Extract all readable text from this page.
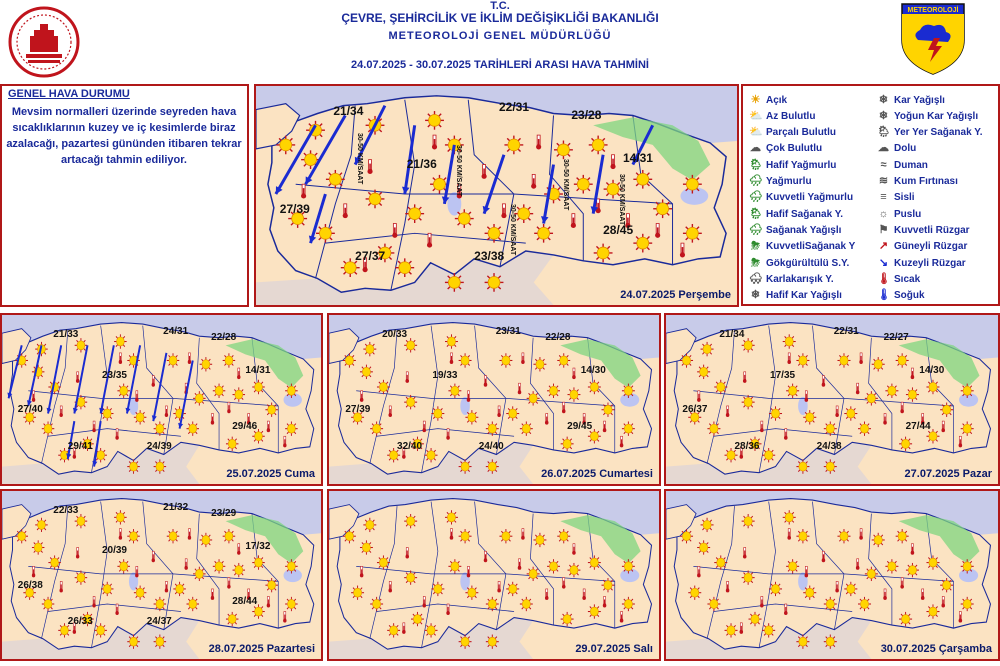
T.C.
ÇEVRE, ŞEHİRCİLİK VE İKLİM DEĞİŞİKLİĞİ BAKANLIĞI
METEOROLOJİ GENEL MÜDÜRLÜĞÜ
24.07.2025 - 30.07.2025 TARİHLERİ ARASI HAVA TAHMİNİ
METEOROLOJİ
GENEL HAVA DURUMU
Mevsim normalleri üzerinde seyreden hava sıcaklıklarının kuzey ve iç kesimlerde biraz azalacağı, pazartesi gününden itibaren tekrar artacağı tahmin ediliyor.
24.07.2025 Perşembe
21/34	22/31
23/28
21/36	14/31
27/39
28/45
27/37	23/38
30-50 KM/SAAT	30-50 KM/SAAT
30-50 KM/SAAT
30-50 KM/SAAT	30-50 KM/SAAT
☀ Açık
⛅ Az Bulutlu
⛅ Parçalı Bulutlu
☁ Çok Bulutlu
🌦 Hafif Yağmurlu
🌧 Yağmurlu
🌧 Kuvvetli Yağmurlu
🌦 Hafif Sağanak Y.
🌧 Sağanak Yağışlı
⛈ KuvvetliSağanak Y
⛈ Gökgürültülü S.Y.
🌨 Karlakarışık Y.
❄ Hafif Kar Yağışlı
❄ Kar Yağışlı
❄ Yoğun Kar Yağışlı
🌦 Yer Yer Sağanak Y.
☁ Dolu
≈ Duman
≋ Kum Fırtınası
≡ Sisli
☼ Puslu
⚑ Kuvvetli Rüzgar
↗ Güneyli Rüzgar
↘ Kuzeyli Rüzgar
🌡 Sıcak
🌡 Soğuk
25.07.2025 Cuma
21/33	24/31
22/28
23/35	14/31
27/40
29/46
29/41	24/39
26.07.2025 Cumartesi
20/33	23/31
22/28
19/33	14/30
27/39
29/45
32/40	24/40
27.07.2025 Pazar
21/34	22/31
22/27
17/35	14/30
26/37
27/44
28/36	24/38
28.07.2025 Pazartesi
22/33	21/32
23/29
20/39	17/32
26/38
28/44
26/33	24/37
29.07.2025 Salı	30.07.2025 Çarşamba
